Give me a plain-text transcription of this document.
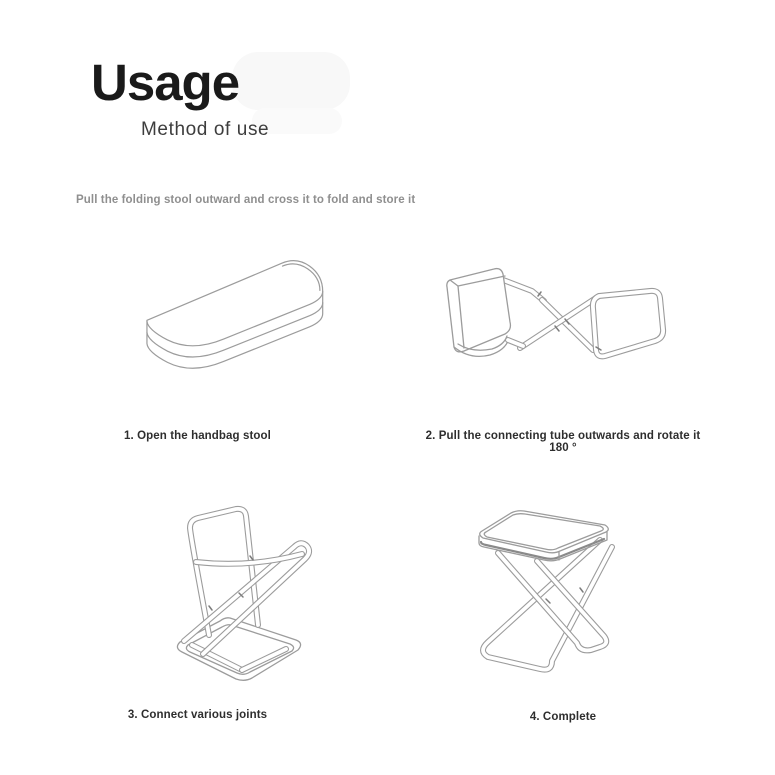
Usage
Method of use

Pull the folding stool outward and cross it to fold and store it

1. Open the handbag stool	2. Pull the connecting tube outwards and rotate it 180 °
3. Connect various joints	4. Complete
